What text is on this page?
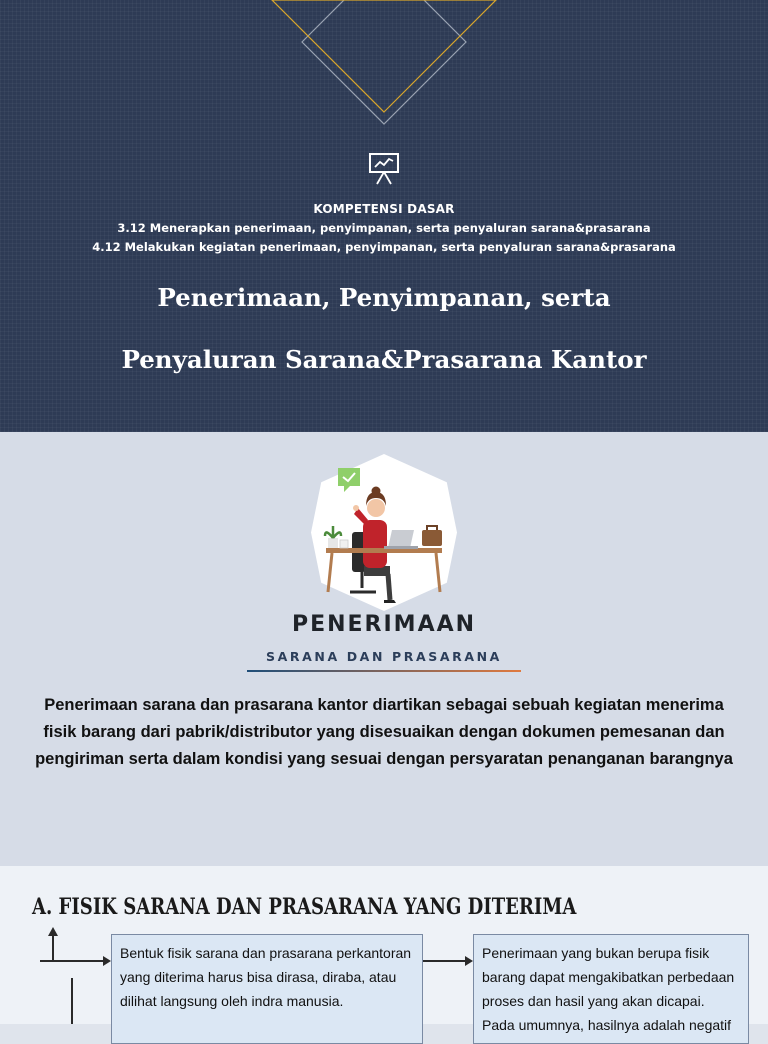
KOMPETENSI DASAR
3.12 Menerapkan penerimaan, penyimpanan, serta penyaluran sarana&prasarana
4.12 Melakukan kegiatan penerimaan, penyimpanan, serta penyaluran sarana&prasarana
Penerimaan, Penyimpanan, serta
Penyaluran Sarana&Prasarana Kantor
PENERIMAAN
SARANA DAN PRASARANA
Penerimaan sarana dan prasarana kantor diartikan sebagai sebuah kegiatan menerima fisik barang dari pabrik/distributor yang disesuaikan dengan dokumen pemesanan dan pengiriman serta dalam kondisi yang sesuai dengan persyaratan penanganan barangnya
A. FISIK SARANA DAN PRASARANA YANG DITERIMA
Bentuk fisik sarana dan prasarana perkantoran yang diterima harus bisa dirasa, diraba, atau dilihat langsung oleh indra manusia.
Penerimaan yang bukan berupa fisik barang dapat mengakibatkan perbedaan proses dan hasil yang akan dicapai. Pada umumnya, hasilnya adalah negatif
